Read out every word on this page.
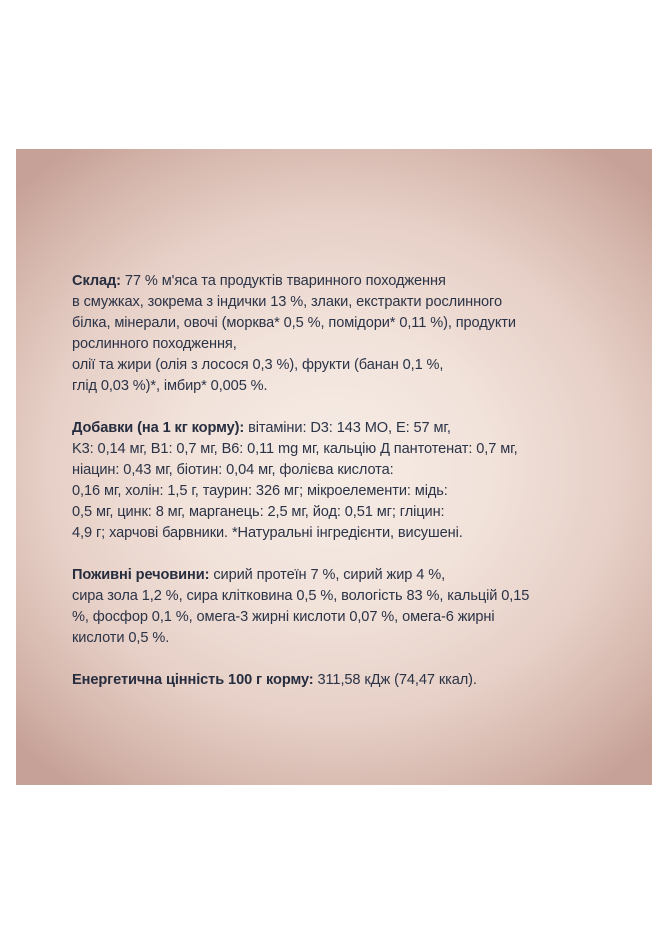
Склад: 77 % м'яса та продуктів тваринного походження
в смужках, зокрема з індички 13 %, злаки, екстракти рослинного
білка, мінерали, овочі (морква* 0,5 %, помідори* 0,11 %), продукти
рослинного походження,
олії та жири (олія з лосося 0,3 %), фрукти (банан 0,1 %,
глід 0,03 %)*, імбир* 0,005 %.

Добавки (на 1 кг корму): вітаміни: D3: 143 МО, E: 57 мг,
K3: 0,14 мг, B1: 0,7 мг, B6: 0,11 mg мг, кальцію Д пантотенат: 0,7 мг,
ніацин: 0,43 мг, біотин: 0,04 мг, фолієва кислота:
0,16 мг, холін: 1,5 г, таурин: 326 мг; мікроелементи: мідь:
0,5 мг, цинк: 8 мг, марганець: 2,5 мг, йод: 0,51 мг; гліцин:
4,9 г; харчові барвники. *Натуральні інгредієнти, висушені.

Поживні речовини: сирий протеїн 7 %, сирий жир 4 %,
сира зола 1,2 %, сира клітковина 0,5 %, вологість 83 %, кальцій 0,15
%, фосфор 0,1 %, омега-3 жирні кислоти 0,07 %, омега-6 жирні
кислоти 0,5 %.

Енергетична цінність 100 г корму: 311,58 кДж (74,47 ккал).
